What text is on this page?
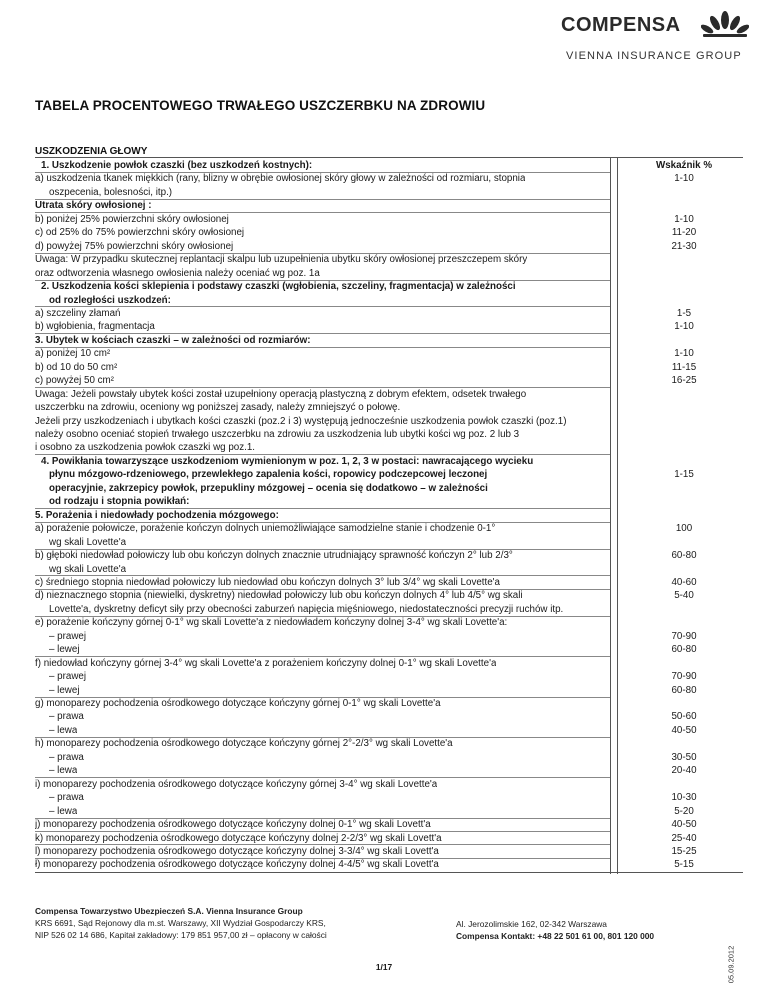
COMPENSA
VIENNA INSURANCE GROUP
TABELA PROCENTOWEGO TRWAŁEGO USZCZERBKU NA ZDROWIU
USZKODZENIA GŁOWY
1. Uszkodzenie powłok czaszki (bez uszkodzeń kostnych):	Wskaźnik %
a) uszkodzenia tkanek miękkich (rany, blizny w obrębie owłosionej skóry głowy w zależności od rozmiaru, stopnia	1-10
oszpecenia, bolesności, itp.)
Utrata skóry owłosionej :
b) poniżej 25% powierzchni skóry owłosionej	1-10
c) od 25% do 75% powierzchni skóry owłosionej	11-20
d) powyżej 75% powierzchni skóry owłosionej	21-30
Uwaga: W przypadku skutecznej replantacji skalpu lub uzupełnienia ubytku skóry owłosionej przeszczepem skóry
oraz odtworzenia własnego owłosienia należy oceniać wg poz. 1a
2. Uszkodzenia kości sklepienia i podstawy czaszki (wgłobienia, szczeliny, fragmentacja) w zależności
od rozległości uszkodzeń:
a) szczeliny złamań	1-5
b) wgłobienia, fragmentacja	1-10
3. Ubytek w kościach czaszki – w zależności od rozmiarów:
a) poniżej 10 cm²	1-10
b) od 10 do 50 cm²	11-15
c) powyżej 50 cm²	16-25
Uwaga: Jeżeli powstały ubytek kości został uzupełniony operacją plastyczną z dobrym efektem, odsetek trwałego
uszczerbku na zdrowiu, oceniony wg poniższej zasady, należy zmniejszyć o połowę.
Jeżeli przy uszkodzeniach i ubytkach kości czaszki (poz.2 i 3) występują jednocześnie uszkodzenia powłok czaszki (poz.1)
należy osobno oceniać stopień trwałego uszczerbku na zdrowiu za uszkodzenia lub ubytki kości wg poz. 2 lub 3
i osobno za uszkodzenia powłok czaszki wg poz.1.
4. Powikłania towarzyszące uszkodzeniom wymienionym w poz. 1, 2, 3 w postaci: nawracającego wycieku
płynu mózgowo-rdzeniowego, przewlekłego zapalenia kości, ropowicy podczepcowej leczonej	1-15
operacyjnie, zakrzepicy powłok, przepukliny mózgowej – ocenia się dodatkowo – w zależności
od rodzaju i stopnia powikłań:
5. Porażenia i niedowłady pochodzenia mózgowego:
a) porażenie połowicze, porażenie kończyn dolnych uniemożliwiające samodzielne stanie i chodzenie 0-1°	100
wg skali Lovette'a
b) głęboki niedowład połowiczy lub obu kończyn dolnych znacznie utrudniający sprawność kończyn 2° lub 2/3°	60-80
wg skali Lovette'a
c) średniego stopnia niedowład połowiczy lub niedowład obu kończyn dolnych 3° lub 3/4° wg skali Lovette'a	40-60
d) nieznacznego stopnia (niewielki, dyskretny) niedowład połowiczy lub obu kończyn dolnych 4° lub 4/5° wg skali	5-40
Lovette'a, dyskretny deficyt siły przy obecności zaburzeń napięcia mięśniowego, niedostateczności precyzji ruchów itp.
e) porażenie kończyny górnej 0-1° wg skali Lovette'a z niedowładem kończyny dolnej 3-4° wg skali Lovette'a:
– prawej	70-90
– lewej	60-80
f) niedowład kończyny górnej 3-4° wg skali Lovette'a z porażeniem kończyny dolnej 0-1° wg skali Lovette'a
– prawej	70-90
– lewej	60-80
g) monoparezy pochodzenia ośrodkowego dotyczące kończyny górnej 0-1° wg skali Lovette'a
– prawa	50-60
– lewa	40-50
h) monoparezy pochodzenia ośrodkowego dotyczące kończyny górnej 2°-2/3° wg skali Lovette'a
– prawa	30-50
– lewa	20-40
i) monoparezy pochodzenia ośrodkowego dotyczące kończyny górnej 3-4° wg skali Lovette'a
– prawa	10-30
– lewa	5-20
j) monoparezy pochodzenia ośrodkowego dotyczące kończyny dolnej 0-1° wg skali Lovett'a	40-50
k) monoparezy pochodzenia ośrodkowego dotyczące kończyny dolnej 2-2/3° wg skali Lovett'a	25-40
l) monoparezy pochodzenia ośrodkowego dotyczące kończyny dolnej 3-3/4° wg skali Lovett'a	15-25
ł) monoparezy pochodzenia ośrodkowego dotyczące kończyny dolnej 4-4/5° wg skali Lovett'a	5-15
Compensa Towarzystwo Ubezpieczeń S.A. Vienna Insurance Group
KRS 6691, Sąd Rejonowy dla m.st. Warszawy, XII Wydział Gospodarczy KRS,
NIP 526 02 14 686, Kapitał zakładowy: 179 851 957,00 zł – opłacony w całości
Al. Jerozolimskie 162, 02-342 Warszawa
Compensa Kontakt: +48 22 501 61 00, 801 120 000
1/17	05.09.2012
